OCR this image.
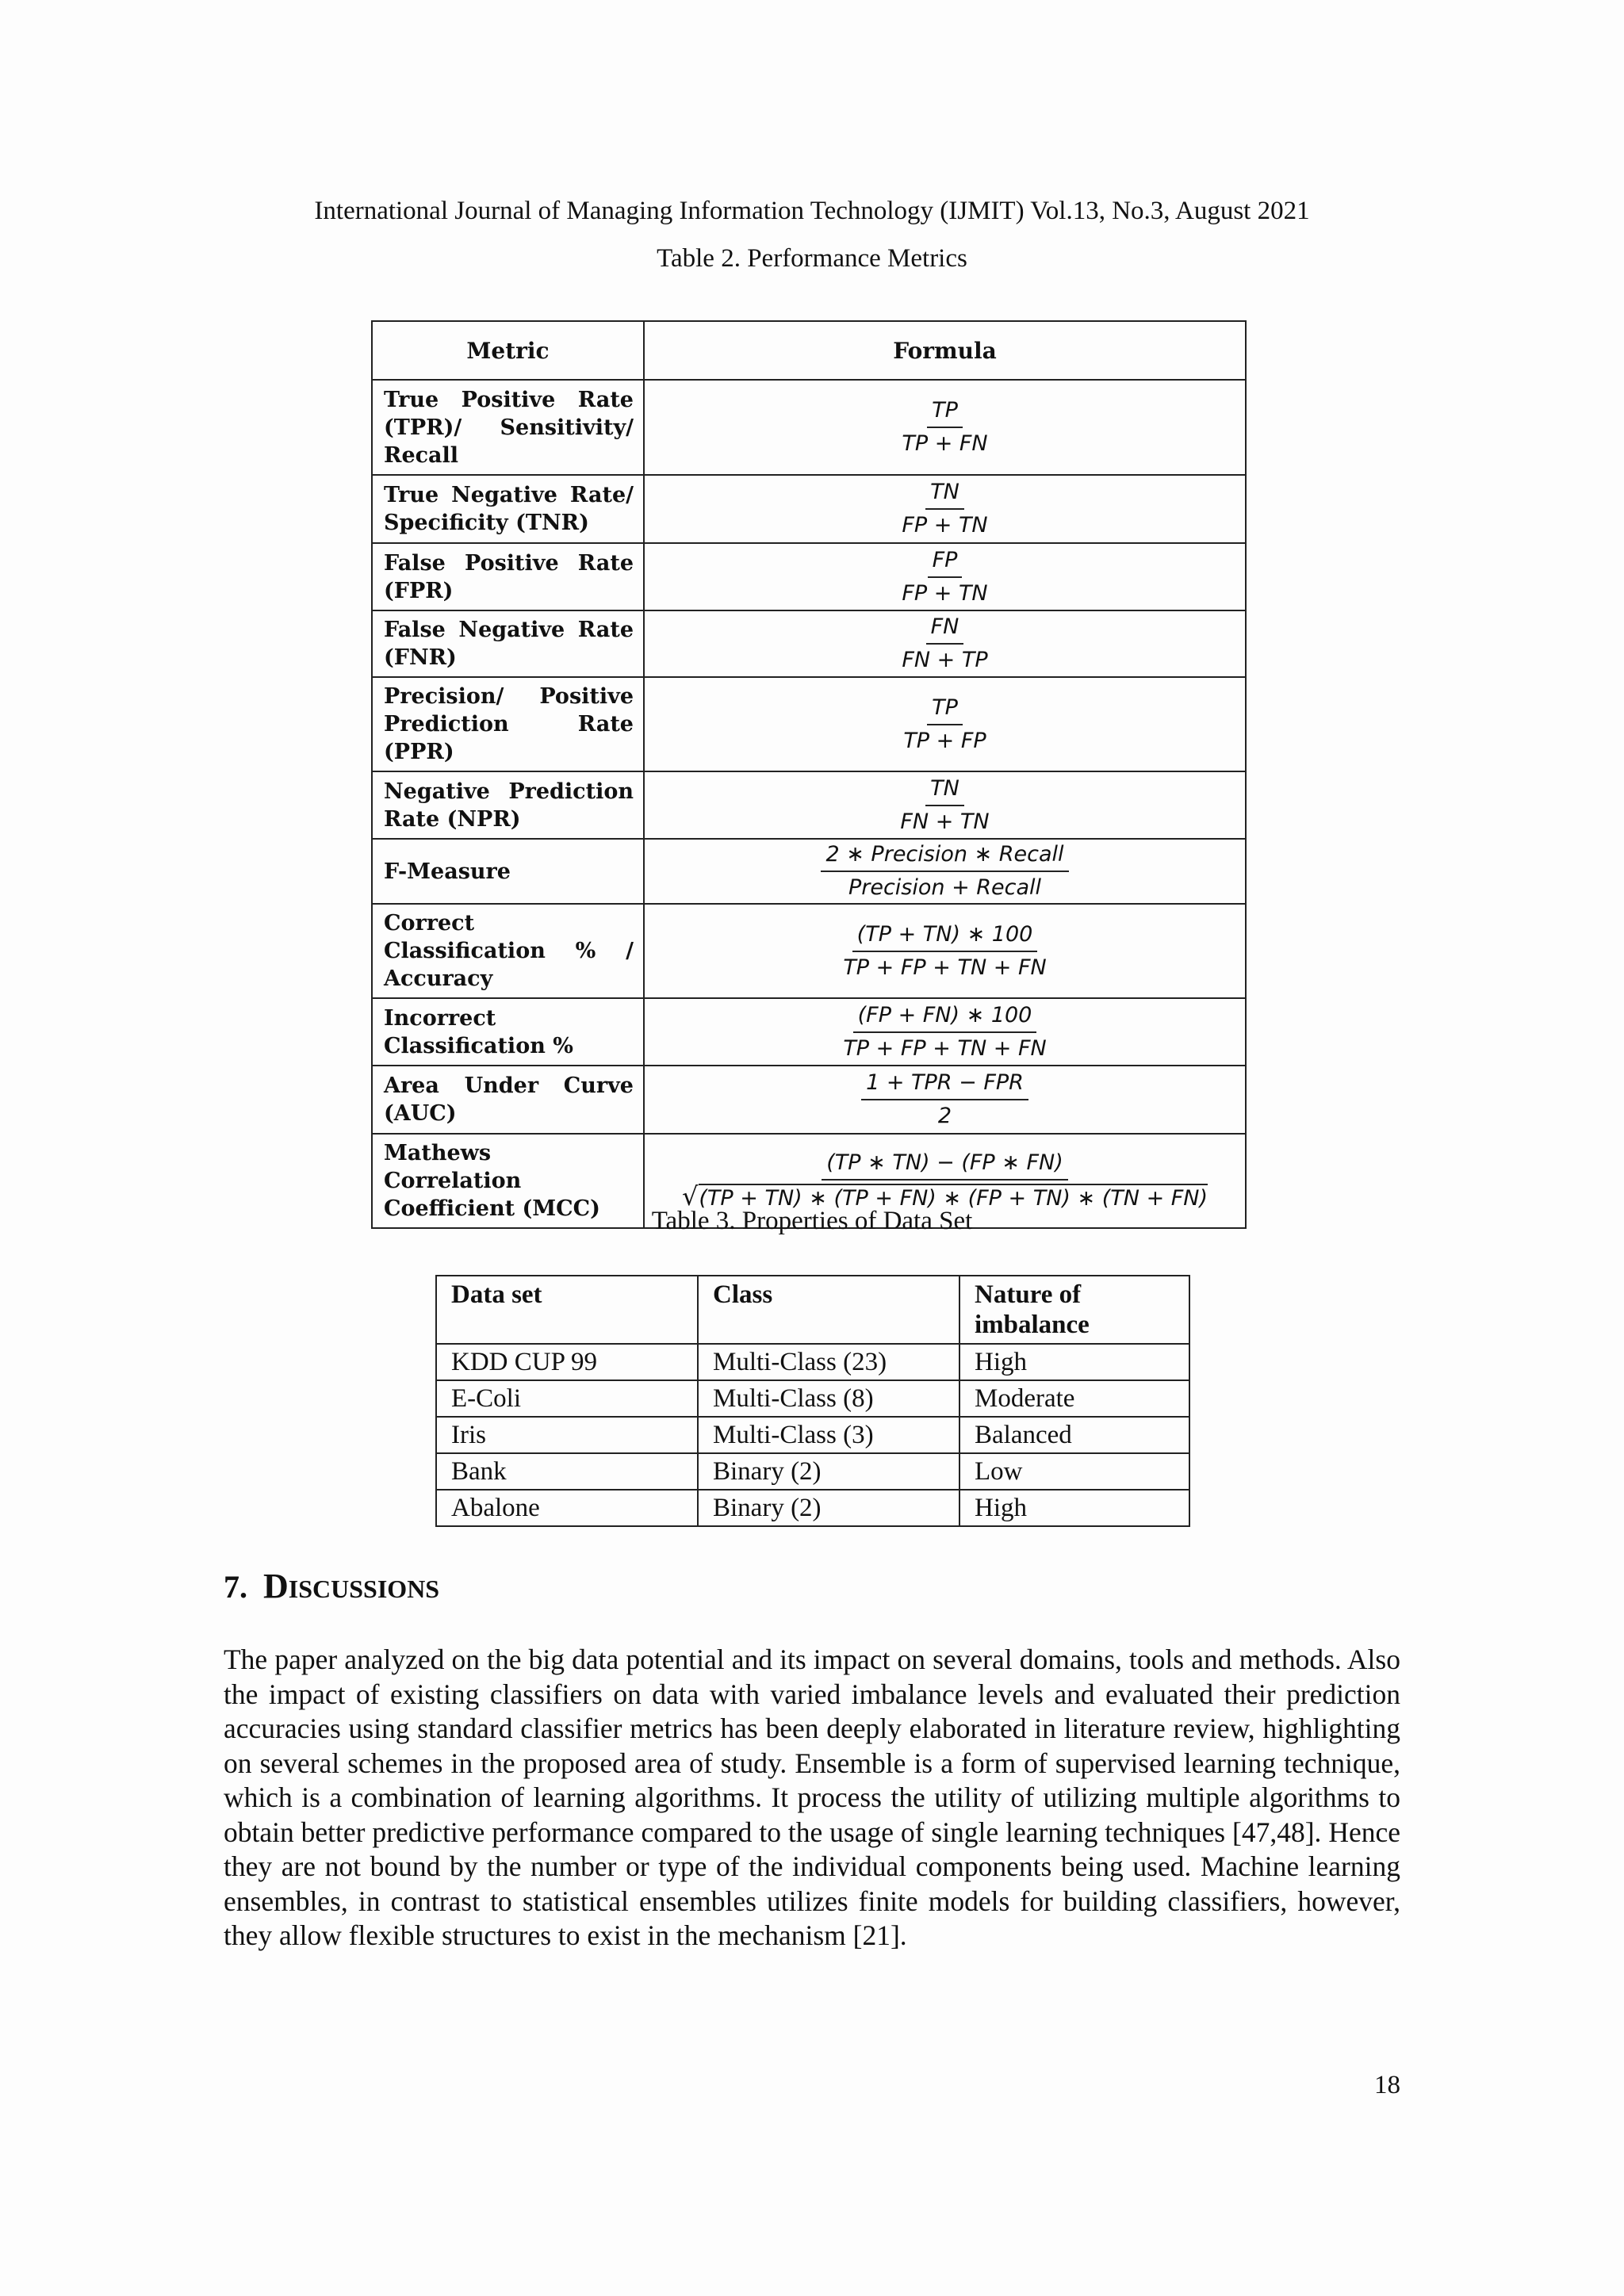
International Journal of Managing Information Technology (IJMIT) Vol.13, No.3, August 2021
Table 2. Performance Metrics
Metric	Formula
True Positive Rate (TPR)/ Sensitivity/ Recall	$\frac{TP}{TP + FN}$

True Negative Rate/ Specificity (TNR)	$\frac{TN}{FP + TN}$

False Positive Rate (FPR)	$\frac{FP}{FP + TN}$

False Negative Rate (FNR)	$\frac{FN}{FN + TP}$

Precision/ Positive Prediction Rate (PPR)	$\frac{TP}{TP + FP}$

Negative Prediction Rate (NPR)	$\frac{TN}{FN + TN}$

F-Measure	$\frac{\text{2 ∗ Precision ∗ Recall}}{\text{Precision + Recall}}$

Correct Classification % / Accuracy	$\frac{(TP + TN) ∗ 100}{TP + FP + TN + FN}$

Incorrect Classification %	$\frac{(FP + FN) ∗ 100}{TP + FP + TN + FN}$

Area Under Curve (AUC)	$\frac{\text{1 + TPR − FPR}}{2}$

Mathews Correlation Coefficient (MCC)	$\frac{(TP ∗ TN) - (FP ∗ FN)}{√(TP + TN) ∗ (TP + FN) ∗ (FP + TN) ∗ (TN + FN)}$
Table 3. Properties of Data Set
Data set	Class	Nature of imbalance
KDD CUP 99	Multi-Class (23)	High
E-Coli	Multi-Class (8)	Moderate
Iris	Multi-Class (3)	Balanced
Bank	Binary (2)	Low
Abalone	Binary (2)	High
7. DISCUSSIONS

The paper analyzed on the big data potential and its impact on several domains, tools and methods. Also the impact of existing classifiers on data with varied imbalance levels and evaluated their prediction accuracies using standard classifier metrics has been deeply elaborated in literature review, highlighting on several schemes in the proposed area of study. Ensemble is a form of supervised learning technique, which is a combination of learning algorithms. It process the utility of utilizing multiple algorithms to obtain better predictive performance compared to the usage of single learning techniques [47,48]. Hence they are not bound by the number or type of the individual components being used. Machine learning ensembles, in contrast to statistical ensembles utilizes finite models for building classifiers, however, they allow flexible structures to exist in the mechanism [21].

18
